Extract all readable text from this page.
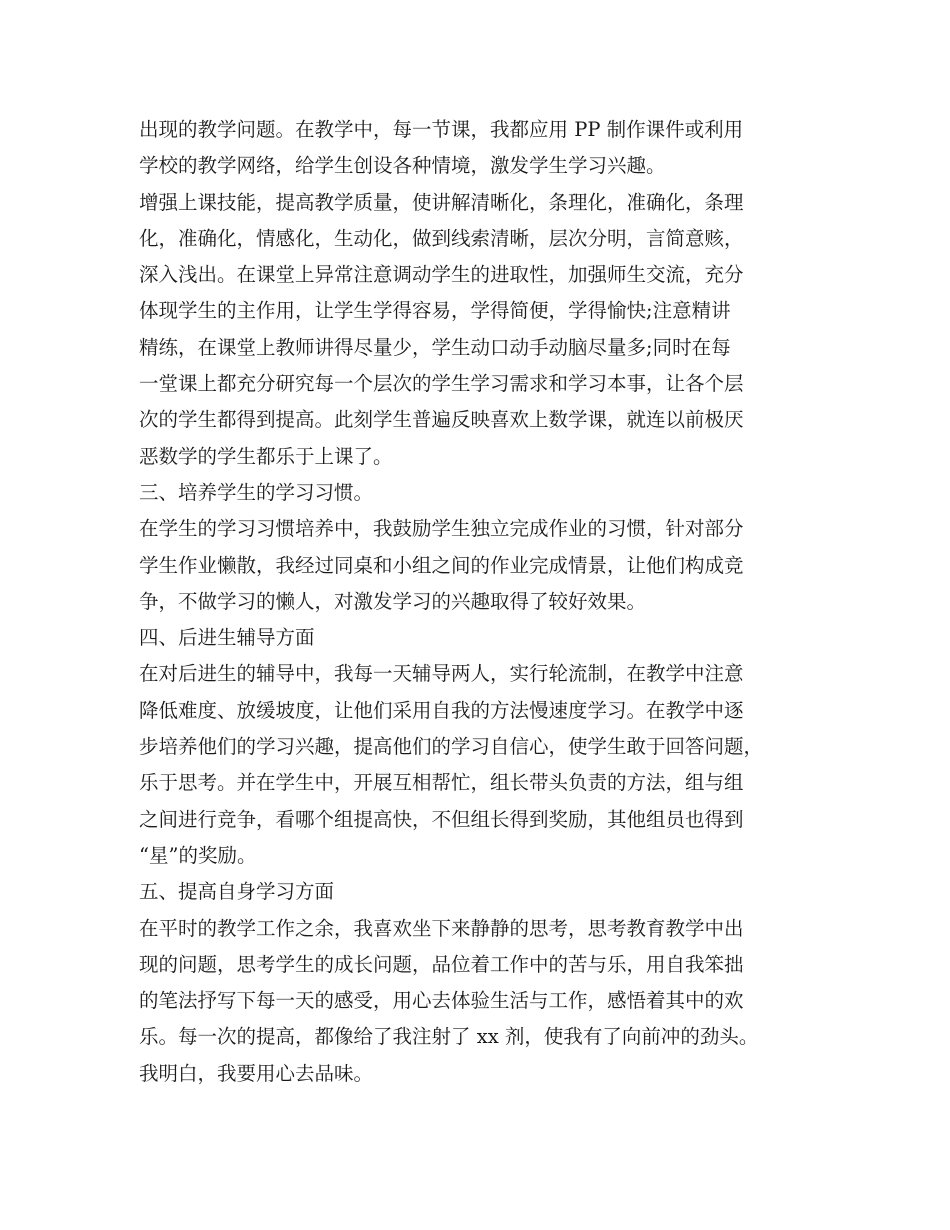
出现的教学问题。在教学中，每一节课，我都应用 PP 制作课件或利用
学校的教学网络，给学生创设各种情境，激发学生学习兴趣。
增强上课技能，提高教学质量，使讲解清晰化，条理化，准确化，条理
化，准确化，情感化，生动化，做到线索清晰，层次分明，言简意赅，
深入浅出。在课堂上异常注意调动学生的进取性，加强师生交流，充分
体现学生的主作用，让学生学得容易，学得简便，学得愉快;注意精讲
精练，在课堂上教师讲得尽量少，学生动口动手动脑尽量多;同时在每
一堂课上都充分研究每一个层次的学生学习需求和学习本事，让各个层
次的学生都得到提高。此刻学生普遍反映喜欢上数学课，就连以前极厌
恶数学的学生都乐于上课了。
三、培养学生的学习习惯。
在学生的学习习惯培养中，我鼓励学生独立完成作业的习惯，针对部分
学生作业懒散，我经过同桌和小组之间的作业完成情景，让他们构成竞
争，不做学习的懒人，对激发学习的兴趣取得了较好效果。
四、后进生辅导方面
在对后进生的辅导中，我每一天辅导两人，实行轮流制，在教学中注意
降低难度、放缓坡度，让他们采用自我的方法慢速度学习。在教学中逐
步培养他们的学习兴趣，提高他们的学习自信心，使学生敢于回答问题，
乐于思考。并在学生中，开展互相帮忙，组长带头负责的方法，组与组
之间进行竞争，看哪个组提高快，不但组长得到奖励，其他组员也得到
“星”的奖励。
五、提高自身学习方面
在平时的教学工作之余，我喜欢坐下来静静的思考，思考教育教学中出
现的问题，思考学生的成长问题，品位着工作中的苦与乐，用自我笨拙
的笔法抒写下每一天的感受，用心去体验生活与工作，感悟着其中的欢
乐。每一次的提高，都像给了我注射了 xx 剂，使我有了向前冲的劲头。
我明白，我要用心去品味。
